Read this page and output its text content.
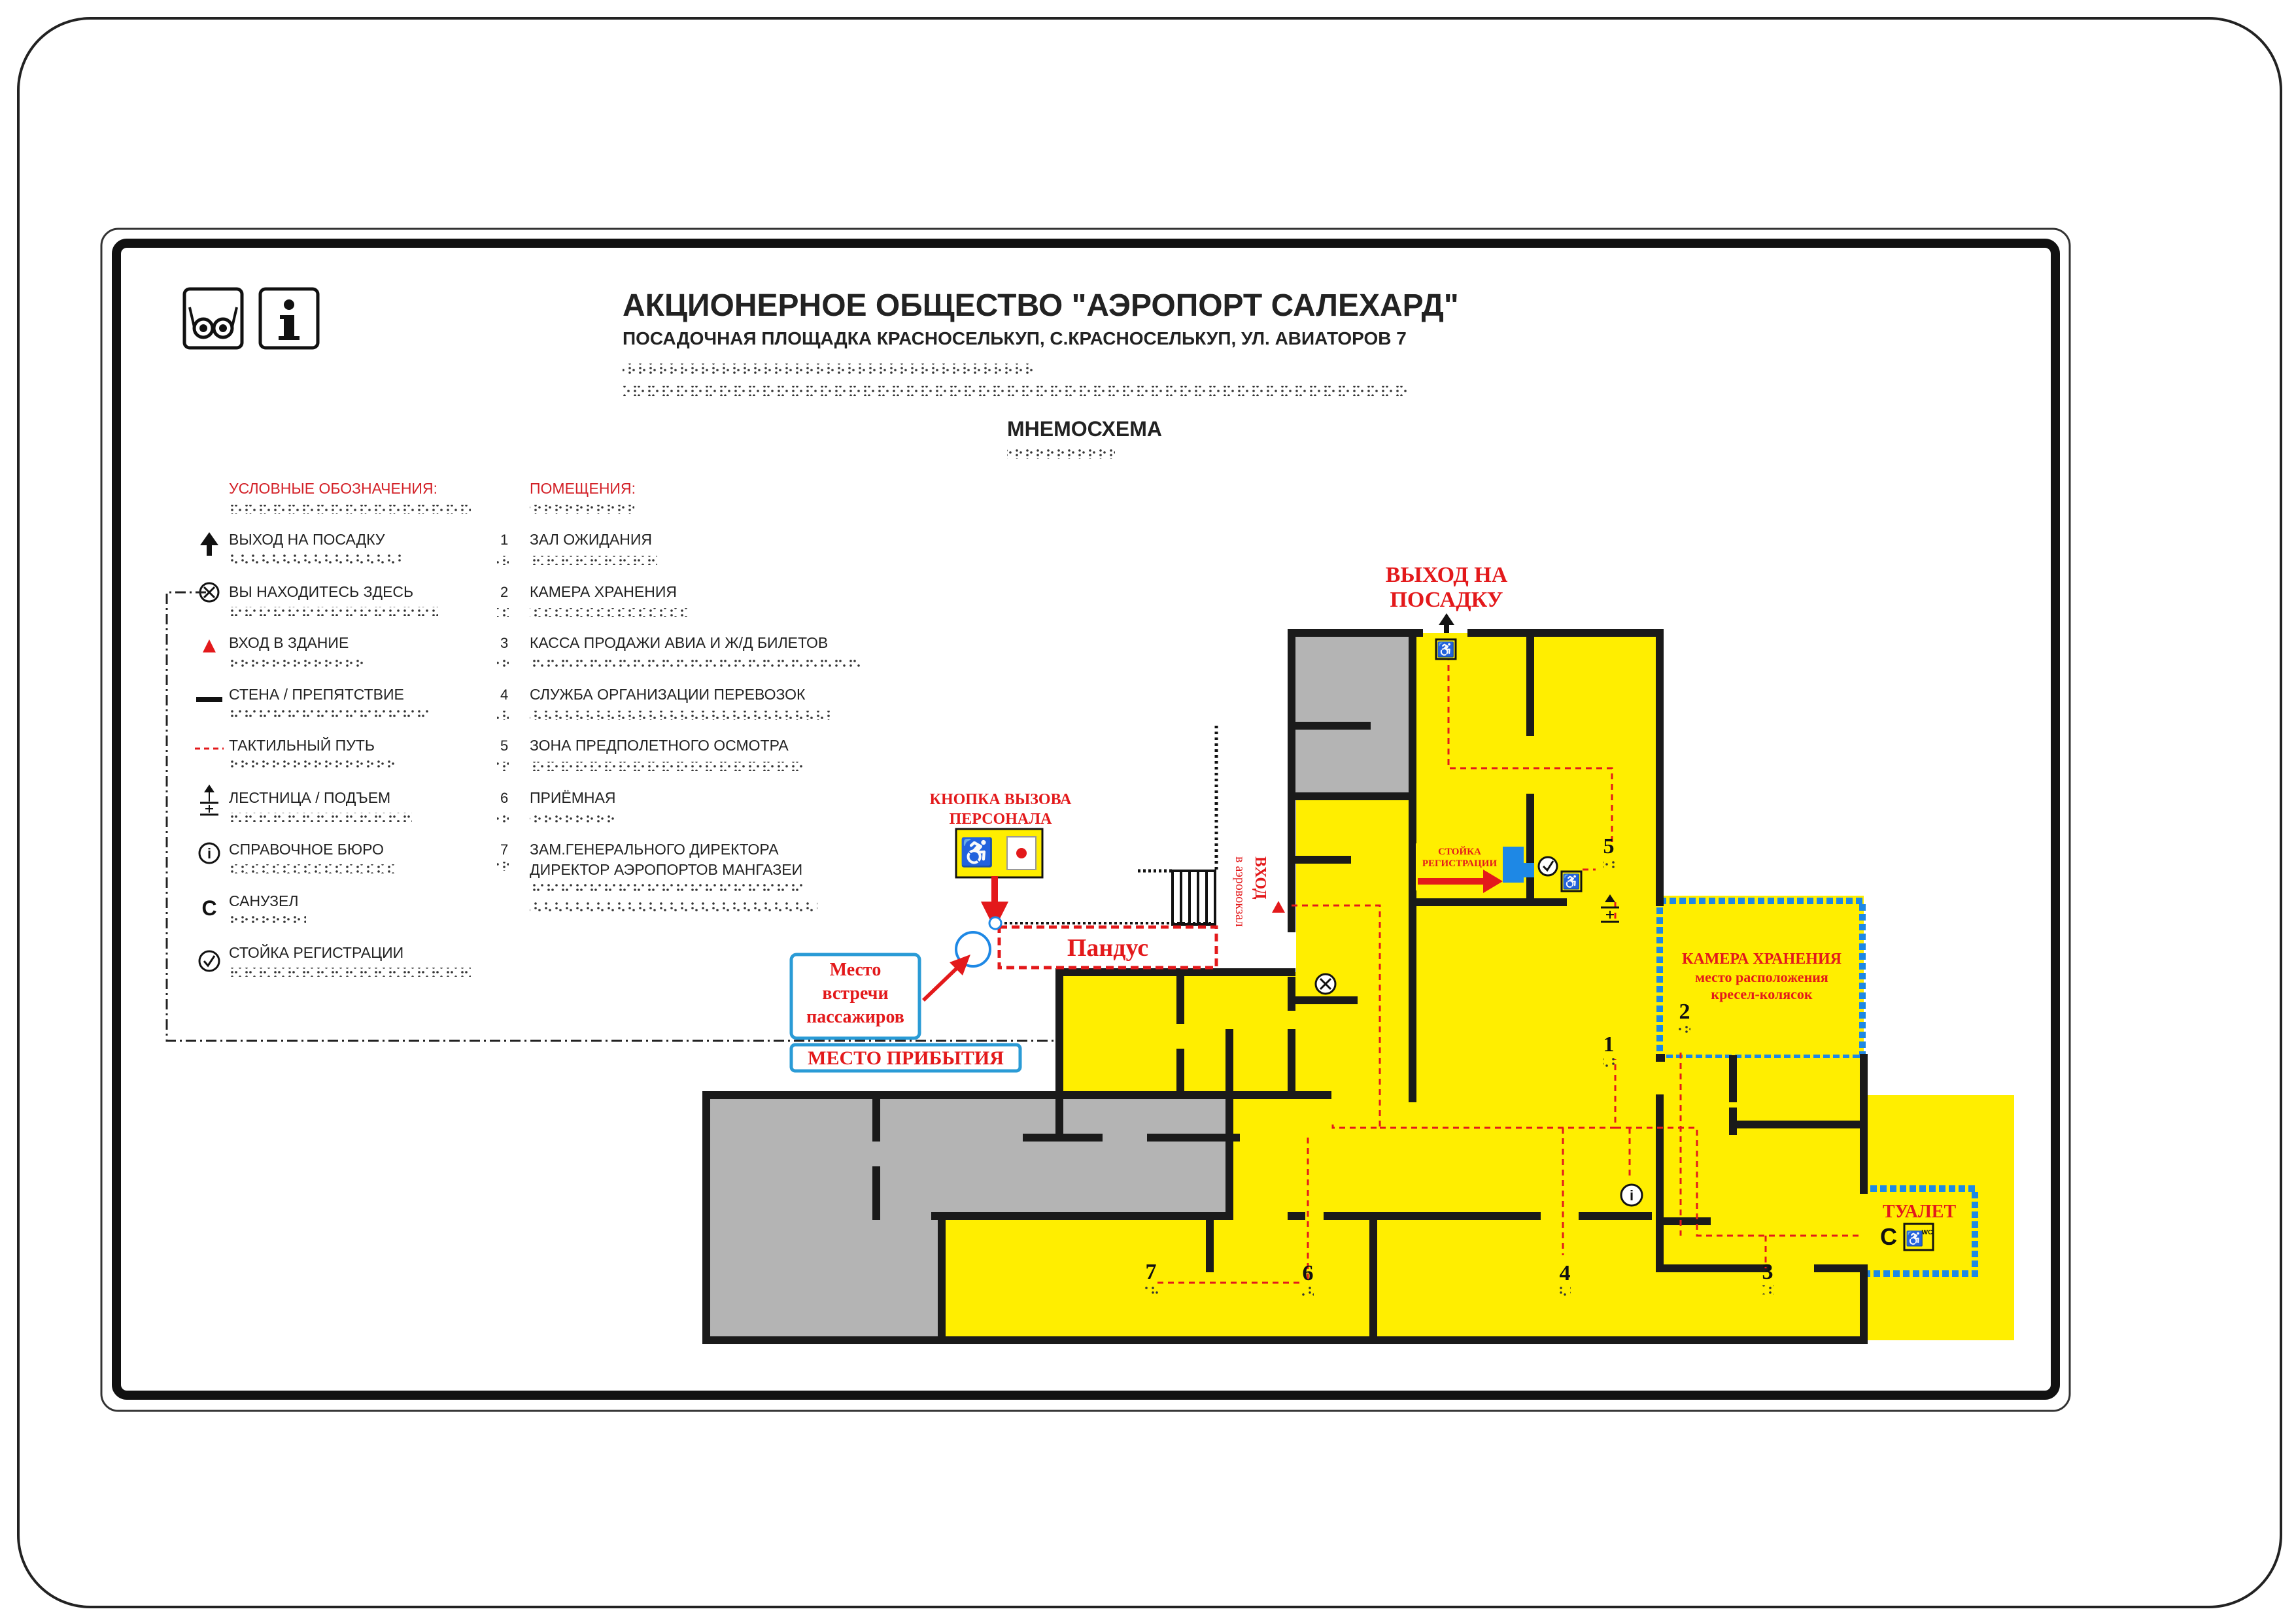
АКЦИОНЕРНОЕ ОБЩЕСТВО "АЭРОПОРТ САЛЕХАРД"
ПОСАДОЧНАЯ ПЛОЩАДКА КРАСНОСЕЛЬКУП, С.КРАСНОСЕЛЬКУП, УЛ. АВИАТОРОВ 7
МНЕМОСХЕМА
УСЛОВНЫЕ ОБОЗНАЧЕНИЯ:
ВЫХОД НА ПОСАДКУ
ВЫ НАХОДИТЕСЬ ЗДЕСЬ
ВХОД В ЗДАНИЕ
СТЕНА / ПРЕПЯТСТВИЕ
ТАКТИЛЬНЫЙ ПУТЬ
ЛЕСТНИЦА / ПОДЪЕМ
i СПРАВОЧНОЕ БЮРО
С САНУЗЕЛ
СТОЙКА РЕГИСТРАЦИИ
ПОМЕЩЕНИЯ:
1 ЗАЛ ОЖИДАНИЯ
2 КАМЕРА ХРАНЕНИЯ
3 КАССА ПРОДАЖИ АВИА И Ж/Д БИЛЕТОВ
4 СЛУЖБА ОРГАНИЗАЦИИ ПЕРЕВОЗОК
5 ЗОНА ПРЕДПОЛЕТНОГО ОСМОТРА
6 ПРИЁМНАЯ
7 ЗАМ.ГЕНЕРАЛЬНОГО ДИРЕКТОРА
ДИРЕКТОР АЭРОПОРТОВ МАНГАЗЕИ
Пандус
1
2
3
4
5
6
7
i
♿
♿
СТОЙКА
РЕГИСТРАЦИИ
КАМЕРА ХРАНЕНИЯ
место расположения
кресел-колясок
ТУАЛЕТ
С ♿
WC
ВЫХОД НА
ПОСАДКУ
ВХОД
в аэровокзал
КНОПКА ВЫЗОВА
ПЕРСОНАЛА
♿
Место
встречи
пассажиров
МЕСТО ПРИБЫТИЯ
